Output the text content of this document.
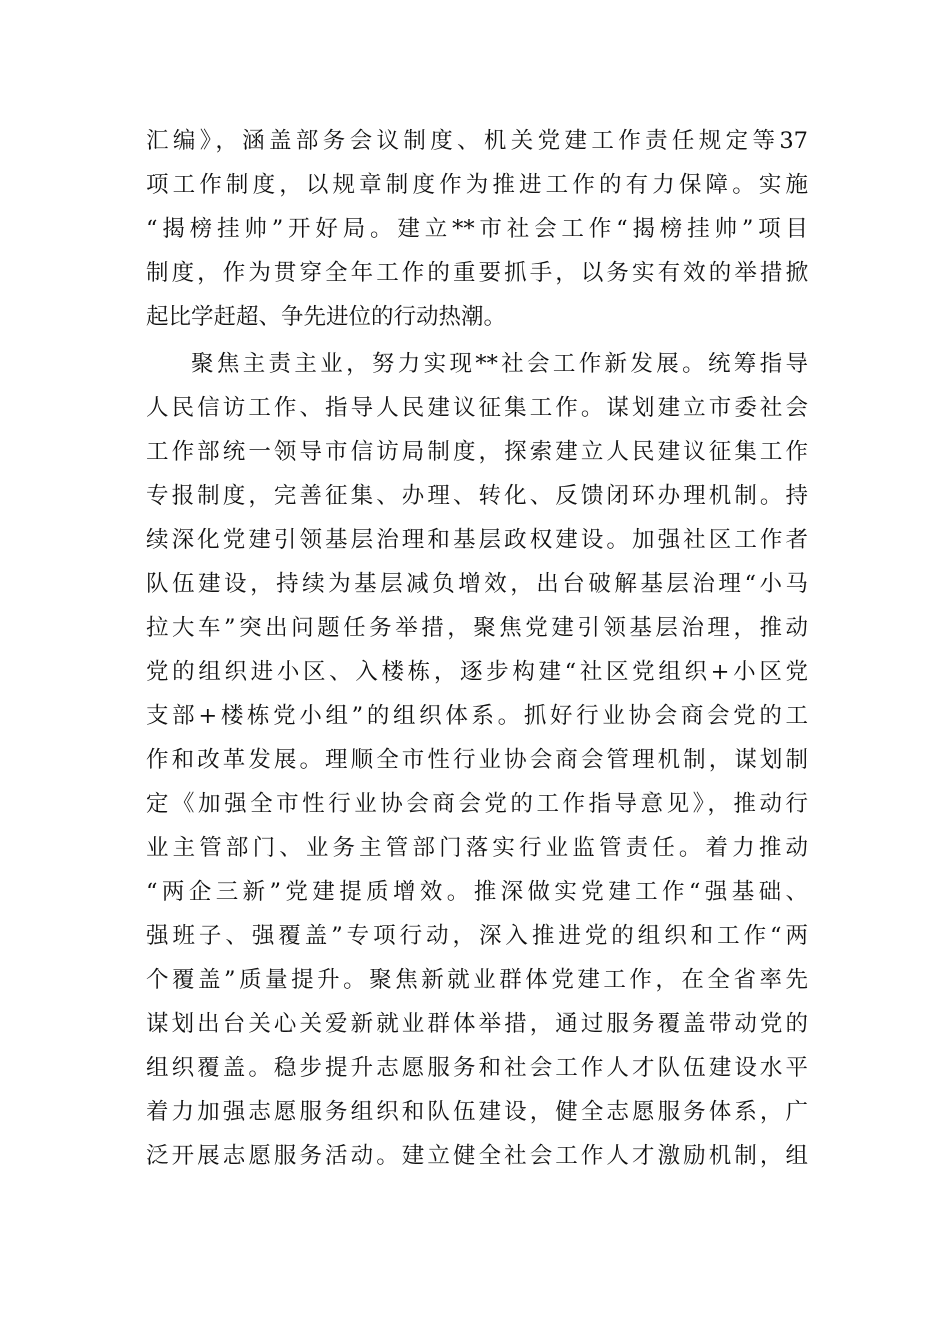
汇编》，涵盖部务会议制度、机关党建工作责任规定等37
项工作制度，以规章制度作为推进工作的有力保障。实施
“揭榜挂帅”开好局。建立**市社会工作“揭榜挂帅”项目
制度，作为贯穿全年工作的重要抓手，以务实有效的举措掀
起比学赶超、争先进位的行动热潮。
聚焦主责主业，努力实现**社会工作新发展。统筹指导
人民信访工作、指导人民建议征集工作。谋划建立市委社会
工作部统一领导市信访局制度，探索建立人民建议征集工作
专报制度，完善征集、办理、转化、反馈闭环办理机制。持
续深化党建引领基层治理和基层政权建设。加强社区工作者
队伍建设，持续为基层减负增效，出台破解基层治理“小马
拉大车”突出问题任务举措，聚焦党建引领基层治理，推动
党的组织进小区、入楼栋，逐步构建“社区党组织+小区党
支部+楼栋党小组”的组织体系。抓好行业协会商会党的工
作和改革发展。理顺全市性行业协会商会管理机制，谋划制
定《加强全市性行业协会商会党的工作指导意见》，推动行
业主管部门、业务主管部门落实行业监管责任。着力推动
“两企三新”党建提质增效。推深做实党建工作“强基础、
强班子、强覆盖”专项行动，深入推进党的组织和工作“两
个覆盖”质量提升。聚焦新就业群体党建工作，在全省率先
谋划出台关心关爱新就业群体举措，通过服务覆盖带动党的
组织覆盖。稳步提升志愿服务和社会工作人才队伍建设水平
着力加强志愿服务组织和队伍建设，健全志愿服务体系，广
泛开展志愿服务活动。建立健全社会工作人才激励机制，组
